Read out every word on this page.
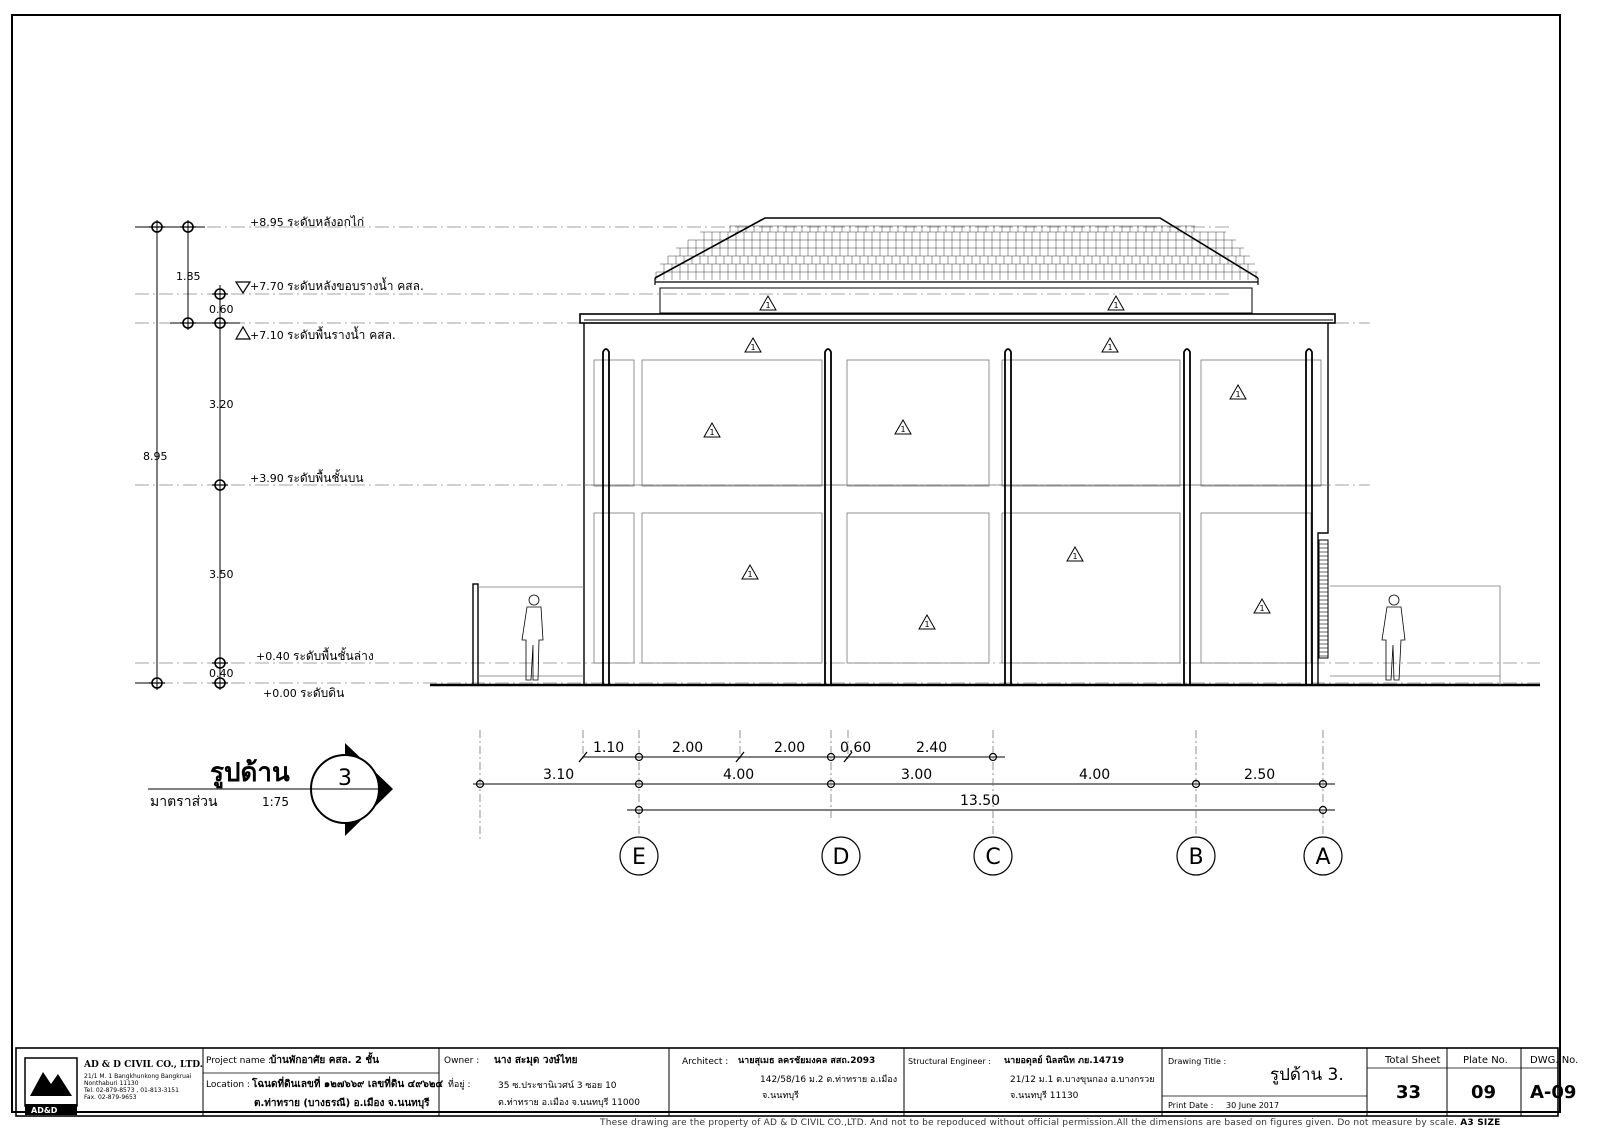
1.85
0.60
3.20
8.95
3.50
0.40
+8.95 ระดับหลังอกไก่
+7.70 ระดับหลังขอบรางน้ำ คสล.
+7.10 ระดับพื้นรางน้ำ คสล.
+3.90 ระดับพื้นชั้นบน
+0.40 ระดับพื้นชั้นล่าง
+0.00 ระดับดิน
1	1
1	1
1	1
1
1
1
1
1
1.10	2.00	2.00 0.60	2.40
3.10	4.00	3.00	4.00	2.50
13.50
E	D	C	B	A
รูปด้าน
มาตราส่วน	1:75
3
AD&D
AD & D CIVIL CO., LTD.
21/1 M. 1 Bangkhunkong Bangkruai
Nonthaburi 11130
Tel. 02-879-8573 , 01-813-3151
Fax. 02-879-9653
Project name :
บ้านพักอาศัย คสล. 2 ชั้น
Location : โฉนดที่ดินเลขที่ ๑๒๗๖๖๙ เลขที่ดิน ๔๙๖๒๔
ต.ท่าทราย (บางธรณี) อ.เมือง จ.นนทบุรี
Owner : นาง สะมุด วงษ์ไทย
ที่อยู่ :	35 ซ.ประชานิเวศน์ 3 ซอย 10
ต.ท่าทราย อ.เมือง จ.นนทบุรี 11000
Architect : นายสุเมธ ลครชัยมงคล สสถ.2093
142/58/16 ม.2 ต.ท่าทราย อ.เมือง
จ.นนทบุรี
Structural Engineer : นายอดุลย์ นิลสนิท ภย.14719
21/12 ม.1 ต.บางขุนกอง อ.บางกรวย
จ.นนทบุรี 11130
Drawing Title :
รูปด้าน 3.
Print Date : 30 June 2017
Total Sheet
33
Plate No.
09
DWG. No.
A-09
These drawing are the property of AD & D CIVIL CO.,LTD. And not to be repoduced without official permission.All the dimensions are based on figures given. Do not measure by scale. A3 SIZE
